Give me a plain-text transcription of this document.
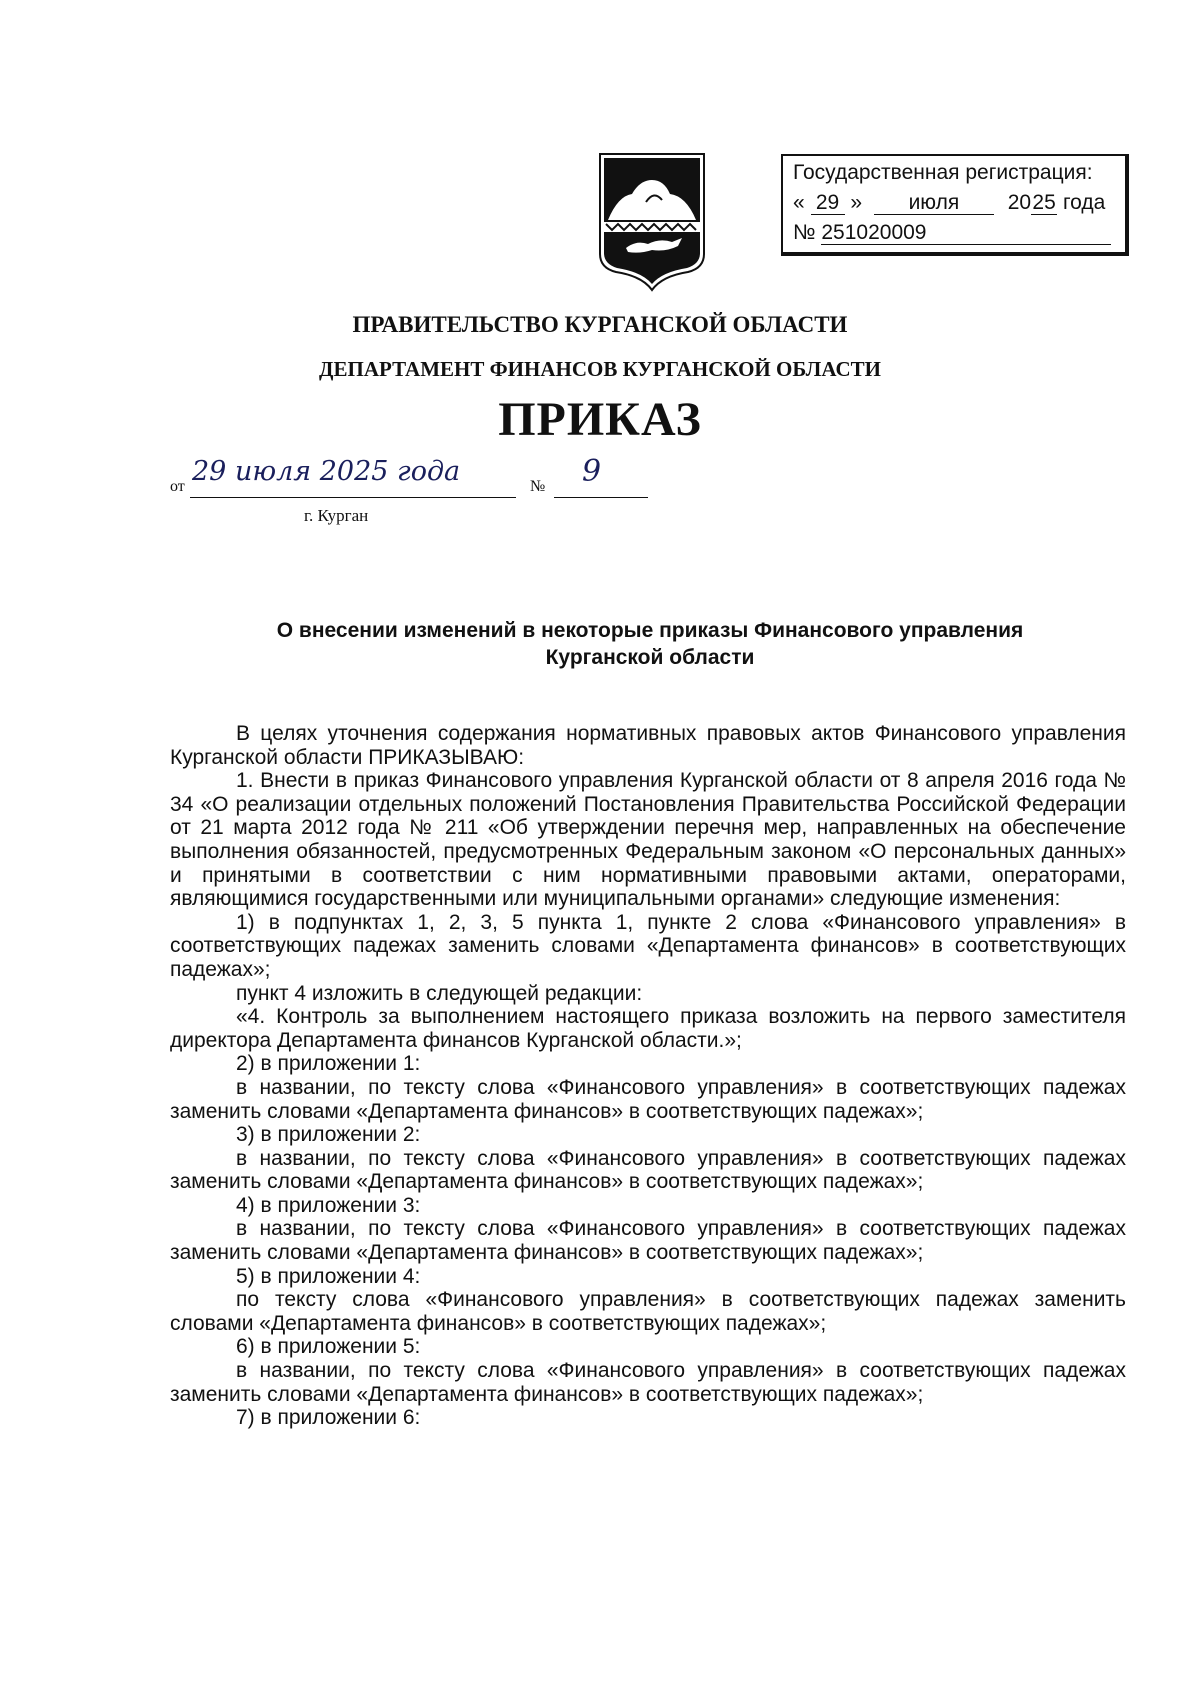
Государственная регистрация:
« 29 » июля 2025 года
№ 251020009
ПРАВИТЕЛЬСТВО КУРГАНСКОЙ ОБЛАСТИ
ДЕПАРТАМЕНТ ФИНАНСОВ КУРГАНСКОЙ ОБЛАСТИ
ПРИКАЗ
от 29 июля 2025 года	№ 9
г. Курган
О внесении изменений в некоторые приказы Финансового управления
Курганской области

В целях уточнения содержания нормативных правовых актов Финансового управления Курганской области ПРИКАЗЫВАЮ:

1. Внести в приказ Финансового управления Курганской области от 8 апреля 2016 года № 34 «О реализации отдельных положений Постановления Правительства Российской Федерации от 21 марта 2012 года № 211 «Об утверждении перечня мер, направленных на обеспечение выполнения обязанностей, предусмотренных Федеральным законом «О персональных данных» и принятыми в соответствии с ним нормативными правовыми актами, операторами, являющимися государственными или муниципальными органами» следующие изменения:

1) в подпунктах 1, 2, 3, 5 пункта 1, пункте 2 слова «Финансового управления» в соответствующих падежах заменить словами «Департамента финансов» в соответствующих падежах»;

пункт 4 изложить в следующей редакции:

«4. Контроль за выполнением настоящего приказа возложить на первого заместителя директора Департамента финансов Курганской области.»;

2) в приложении 1:

в названии, по тексту слова «Финансового управления» в соответствующих падежах заменить словами «Департамента финансов» в соответствующих падежах»;

3) в приложении 2:

в названии, по тексту слова «Финансового управления» в соответствующих падежах заменить словами «Департамента финансов» в соответствующих падежах»;

4) в приложении 3:

в названии, по тексту слова «Финансового управления» в соответствующих падежах заменить словами «Департамента финансов» в соответствующих падежах»;

5) в приложении 4:

по тексту слова «Финансового управления» в соответствующих падежах заменить словами «Департамента финансов» в соответствующих падежах»;

6) в приложении 5:

в названии, по тексту слова «Финансового управления» в соответствующих падежах заменить словами «Департамента финансов» в соответствующих падежах»;

7) в приложении 6:
